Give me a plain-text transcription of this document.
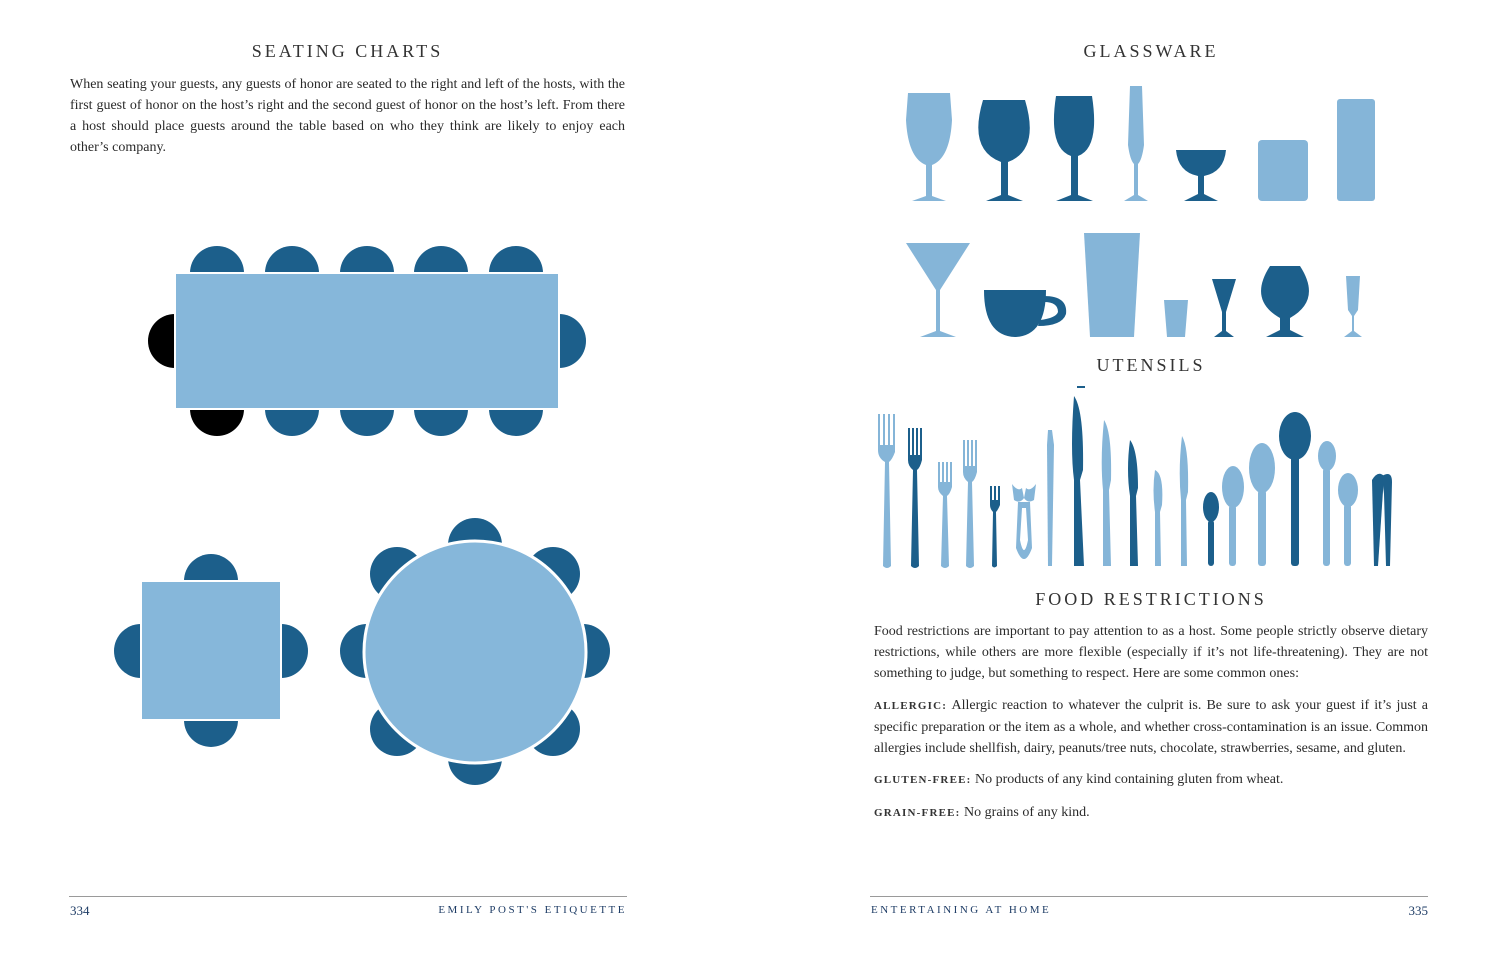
SEATING CHARTS

When seating your guests, any guests of honor are seated to the right and left of the hosts, with the first guest of honor on the host’s right and the second guest of honor on the host’s left. From there a host should place guests around the table based on who they think are likely to enjoy each other’s company.

334	EMILY POST'S ETIQUETTE
GLASSWARE
UTENSILS
FOOD RESTRICTIONS

Food restrictions are important to pay attention to as a host. Some people strictly observe dietary restrictions, while others are more flexible (especially if it’s not life-threatening). They are not something to judge, but something to respect. Here are some common ones:

ALLERGIC: Allergic reaction to whatever the culprit is. Be sure to ask your guest if it’s just a specific preparation or the item as a whole, and whether cross-contamination is an issue. Common allergies include shellfish, dairy, peanuts/tree nuts, chocolate, strawberries, sesame, and gluten.

GLUTEN-FREE: No products of any kind containing gluten from wheat.

GRAIN-FREE: No grains of any kind.

ENTERTAINING AT HOME	335
